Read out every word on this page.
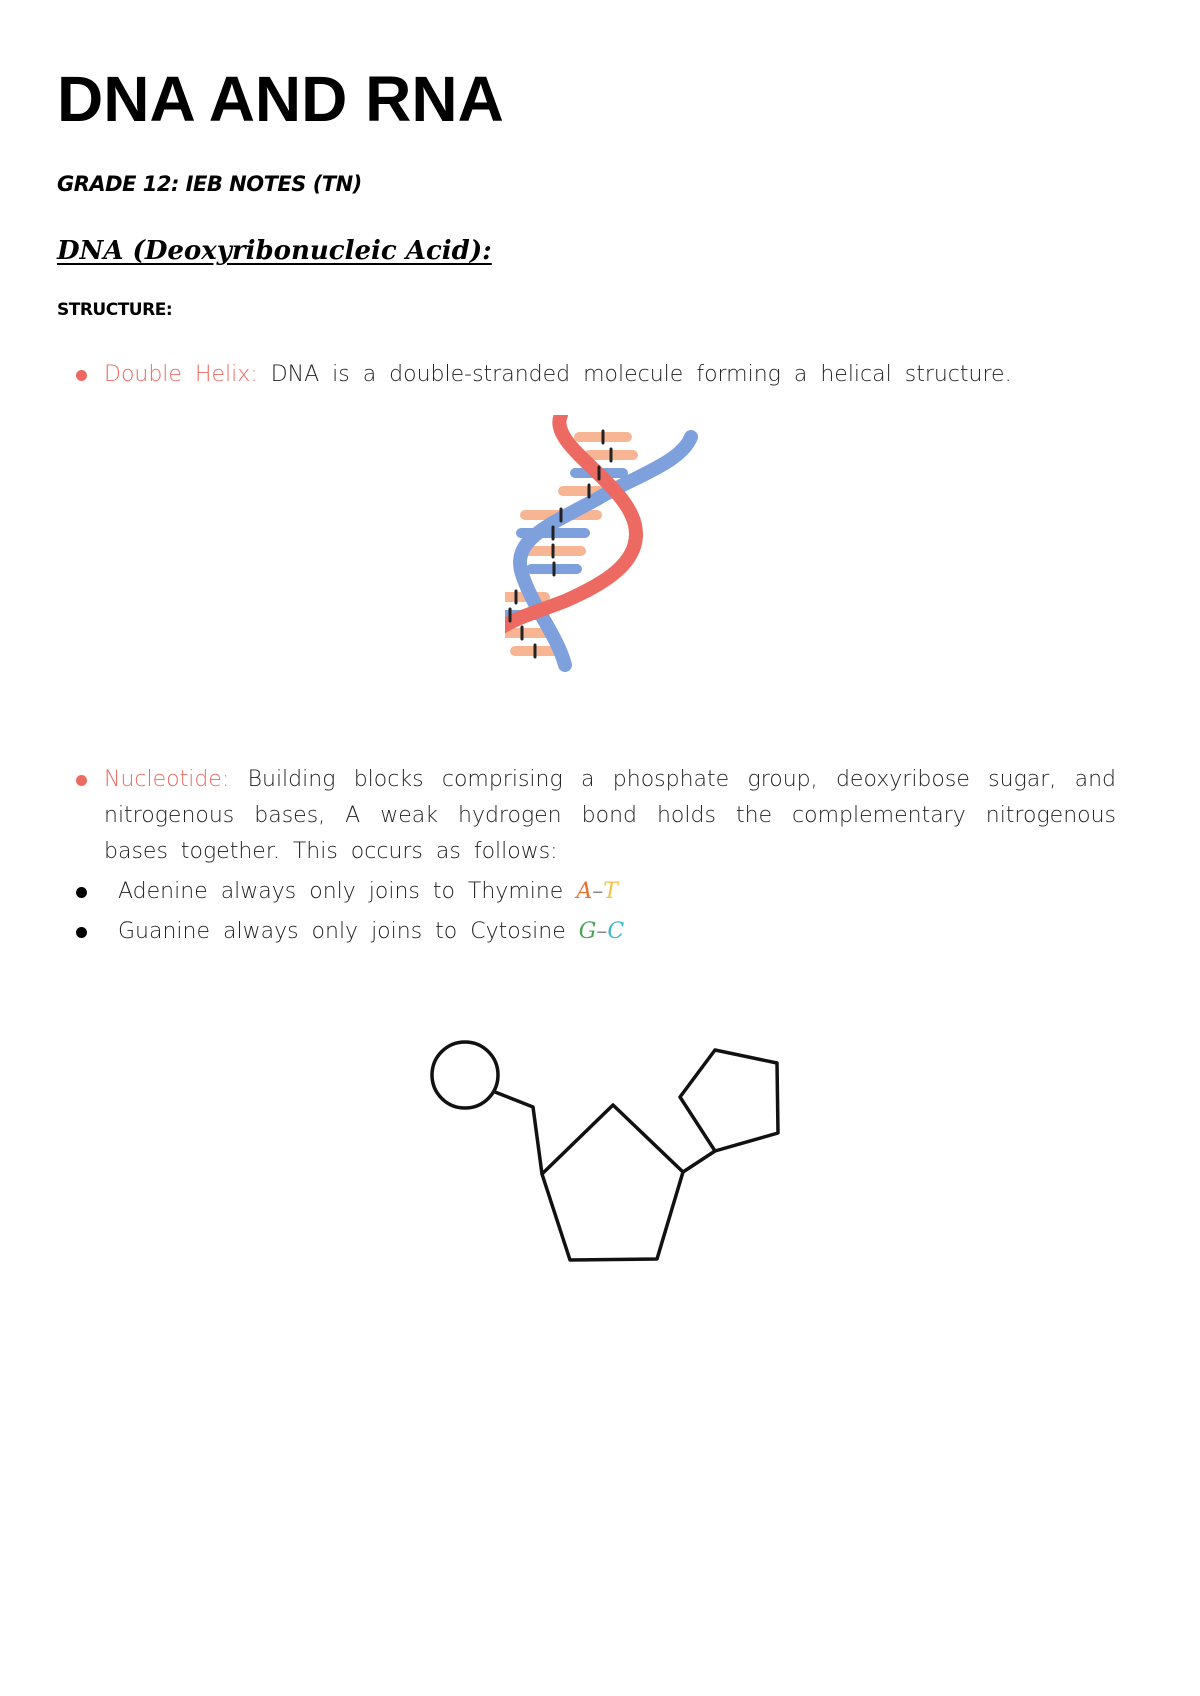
DNA AND RNA
GRADE 12: IEB NOTES (TN)
DNA (Deoxyribonucleic Acid):
STRUCTURE:
Double Helix: DNA is a double-stranded molecule forming a helical structure.
Nucleotide: Building blocks comprising a phosphate group, deoxyribose sugar, and nitrogenous bases, A weak hydrogen bond holds the complementary nitrogenous bases together. This occurs as follows:
Adenine always only joins to Thymine A–T
Guanine always only joins to Cytosine G–C
